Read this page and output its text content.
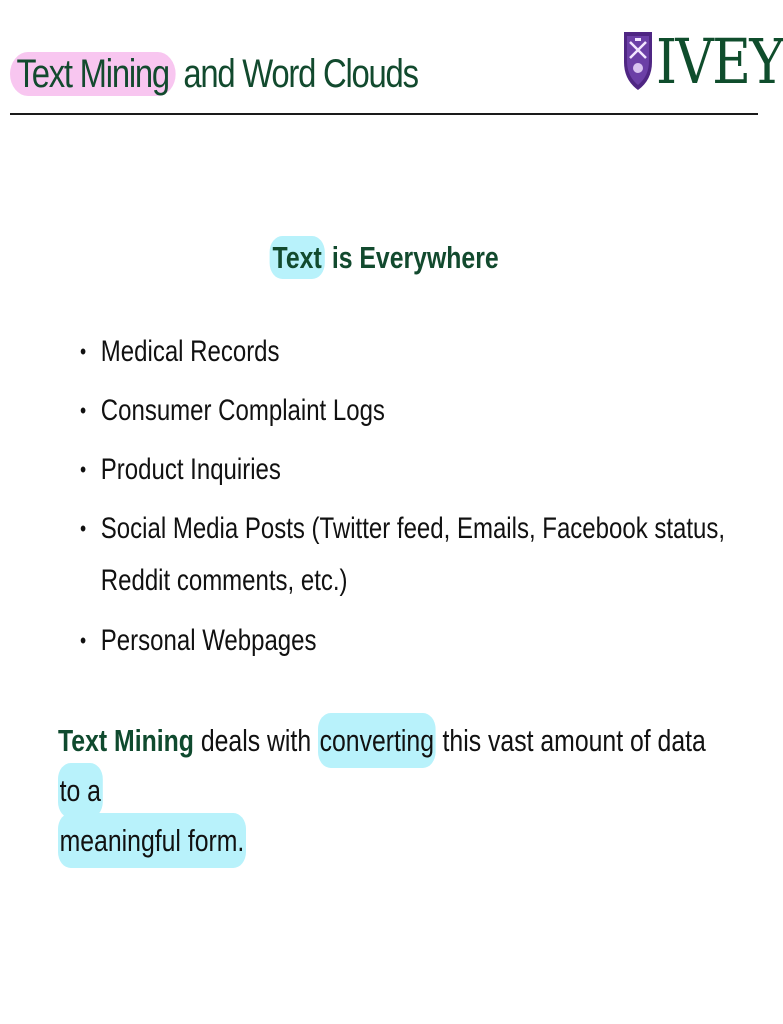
Text Mining and Word Clouds	IVEY
Text is Everywhere
• Medical Records
• Consumer Complaint Logs
• Product Inquiries
• Social Media Posts (Twitter feed, Emails, Facebook status,
Reddit comments, etc.)
• Personal Webpages

Text Mining deals with converting this vast amount of data to a
meaningful form.
